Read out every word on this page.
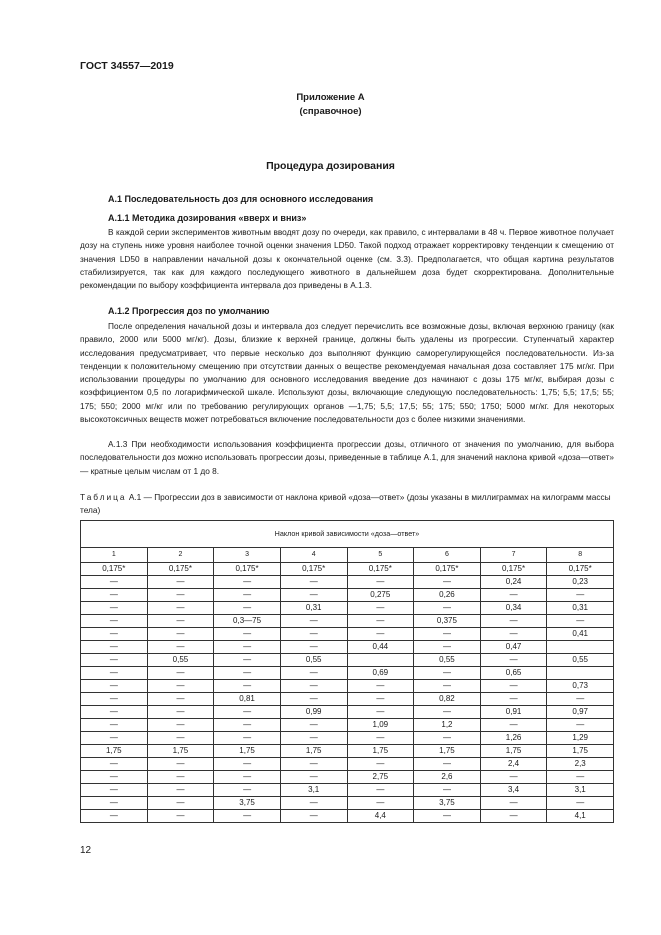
ГОСТ 34557—2019
Приложение А
(справочное)
Процедура дозирования
А.1 Последовательность доз для основного исследования
А.1.1 Методика дозирования «вверх и вниз»

В каждой серии экспериментов животным вводят дозу по очереди, как правило, с интервалами в 48 ч. Первое животное получает дозу на ступень ниже уровня наиболее точной оценки значения LD50. Такой подход отражает корректировку тенденции к смещению от значения LD50 в направлении начальной дозы к окончательной оценке (см. 3.3). Предполагается, что общая картина результатов стабилизируется, так как для каждого последующего животного в дальнейшем доза будет скорректирована. Дополнительные рекомендации по выбору коэффициента интервала доз приведены в А.1.3.

А.1.2 Прогрессия доз по умолчанию

После определения начальной дозы и интервала доз следует перечислить все возможные дозы, включая верхнюю границу (как правило, 2000 или 5000 мг/кг). Дозы, близкие к верхней границе, должны быть удалены из прогрессии. Ступенчатый характер исследования предусматривает, что первые несколько доз выполняют функцию саморегулирующейся последовательности. Из-за тенденции к положительному смещению при отсутствии данных о веществе рекомендуемая начальная доза составляет 175 мг/кг. При использовании процедуры по умолчанию для основного исследования введение доз начинают с дозы 175 мг/кг, выбирая дозы с коэффициентом 0,5 по логарифмической шкале. Используют дозы, включающие следующую последовательность: 1,75; 5,5; 17,5; 55; 175; 550; 2000 мг/кг или по требованию регулирующих органов —1,75; 5,5; 17,5; 55; 175; 550; 1750; 5000 мг/кг. Для некоторых высокотоксичных веществ может потребоваться включение последовательности доз с более низкими значениями.

А.1.3 При необходимости использования коэффициента прогрессии дозы, отличного от значения по умолчанию, для выбора последовательности доз можно использовать прогрессии дозы, приведенные в таблице А.1, для значений наклона кривой «доза—ответ» — кратные целым числам от 1 до 8.

Таблица А.1 — Прогрессии доз в зависимости от наклона кривой «доза—ответ» (дозы указаны в миллиграммах на килограмм массы тела)

Наклон кривой зависимости «доза—ответ»							
1	2	3	4	5	6	7	8
0,175*	0,175*	0,175*	0,175*	0,175*	0,175*	0,175*	0,175*
—	—	—	—	—	—	0,24	0,23
—	—	—	—	0,275	0,26	—	—
—	—	—	0,31	—	—	0,34	0,31
—	—	0,3—75	—	—	0,375	—	—
—	—	—	—	—	—	—	0,41
—	—	—	—	0,44	—	0,47	
—	0,55	—	0,55		0,55	—	0,55
—	—	—	—	0,69	—	0,65	
—	—	—	—	—	—	—	0,73
—	—	0,81	—	—	0,82	—	—
—	—	—	0,99	—	—	0,91	0,97
—	—	—	—	1,09	1,2	—	—
—	—	—	—	—	—	1,26	1,29
1,75	1,75	1,75	1,75	1,75	1,75	1,75	1,75
—	—	—	—	—	—	2,4	2,3
—	—	—	—	2,75	2,6	—	—
—	—	—	3,1	—	—	3,4	3,1
—	—	3,75	—	—	3,75	—	—
—	—	—	—	4,4	—	—	4,1
12
